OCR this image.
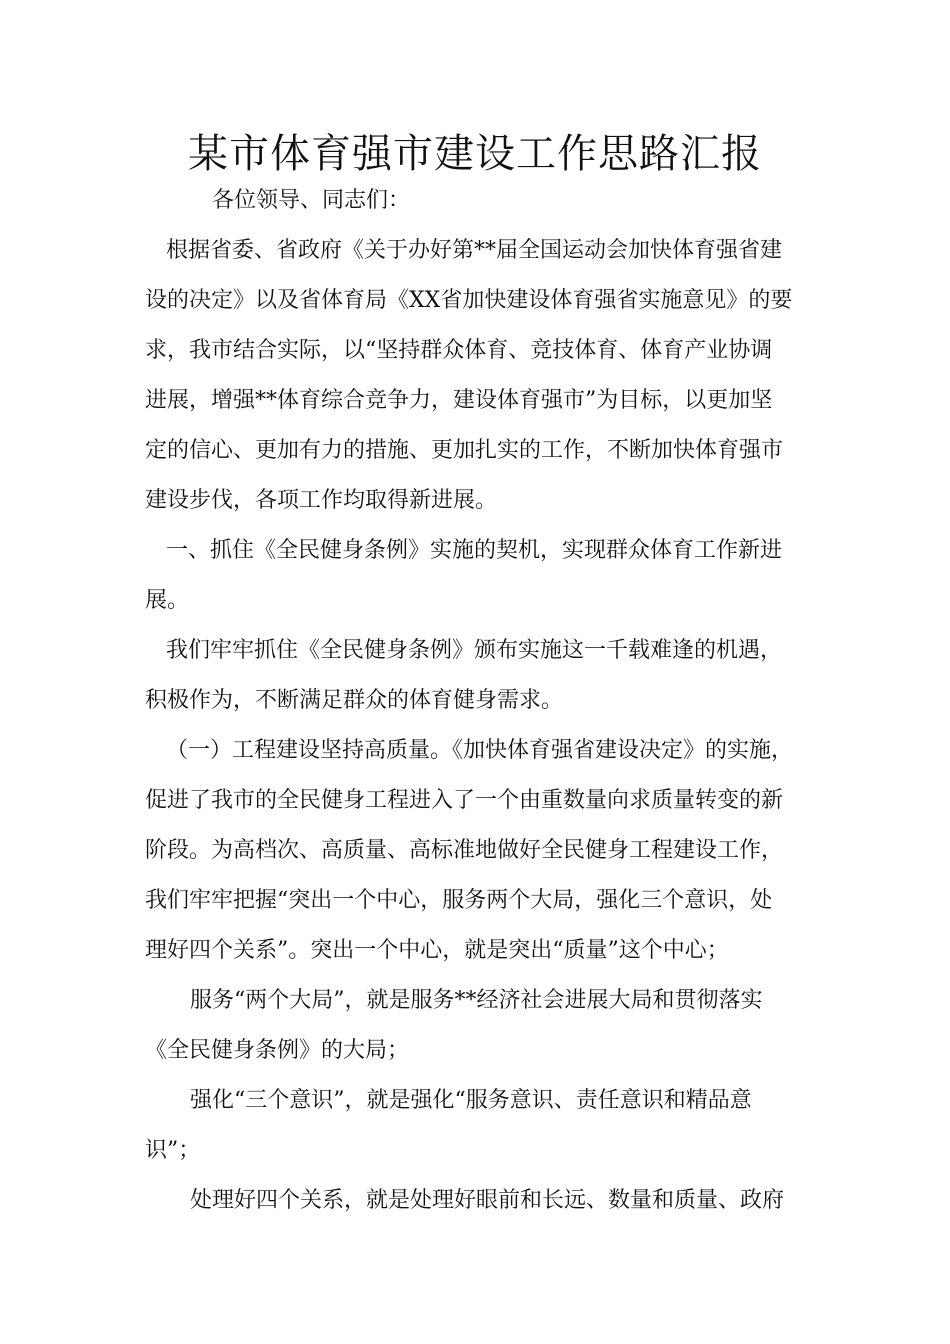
某市体育强市建设工作思路汇报

各位领导、同志们：

根据省委、省政府《关于办好第**届全国运动会加快体育强省建

设的决定》以及省体育局《XX省加快建设体育强省实施意见》的要

求，我市结合实际，以“坚持群众体育、竞技体育、体育产业协调

进展，增强**体育综合竞争力，建设体育强市”为目标，以更加坚

定的信心、更加有力的措施、更加扎实的工作，不断加快体育强市

建设步伐，各项工作均取得新进展。

一、抓住《全民健身条例》实施的契机，实现群众体育工作新进

展。

我们牢牢抓住《全民健身条例》颁布实施这一千载难逢的机遇，

积极作为，不断满足群众的体育健身需求。

（一）工程建设坚持高质量。《加快体育强省建设决定》的实施，

促进了我市的全民健身工程进入了一个由重数量向求质量转变的新

阶段。为高档次、高质量、高标准地做好全民健身工程建设工作，

我们牢牢把握“突出一个中心，服务两个大局，强化三个意识，处

理好四个关系”。突出一个中心，就是突出“质量”这个中心；

服务“两个大局”，就是服务**经济社会进展大局和贯彻落实

《全民健身条例》的大局；

强化“三个意识”，就是强化“服务意识、责任意识和精品意

识”；

处理好四个关系，就是处理好眼前和长远、数量和质量、政府
